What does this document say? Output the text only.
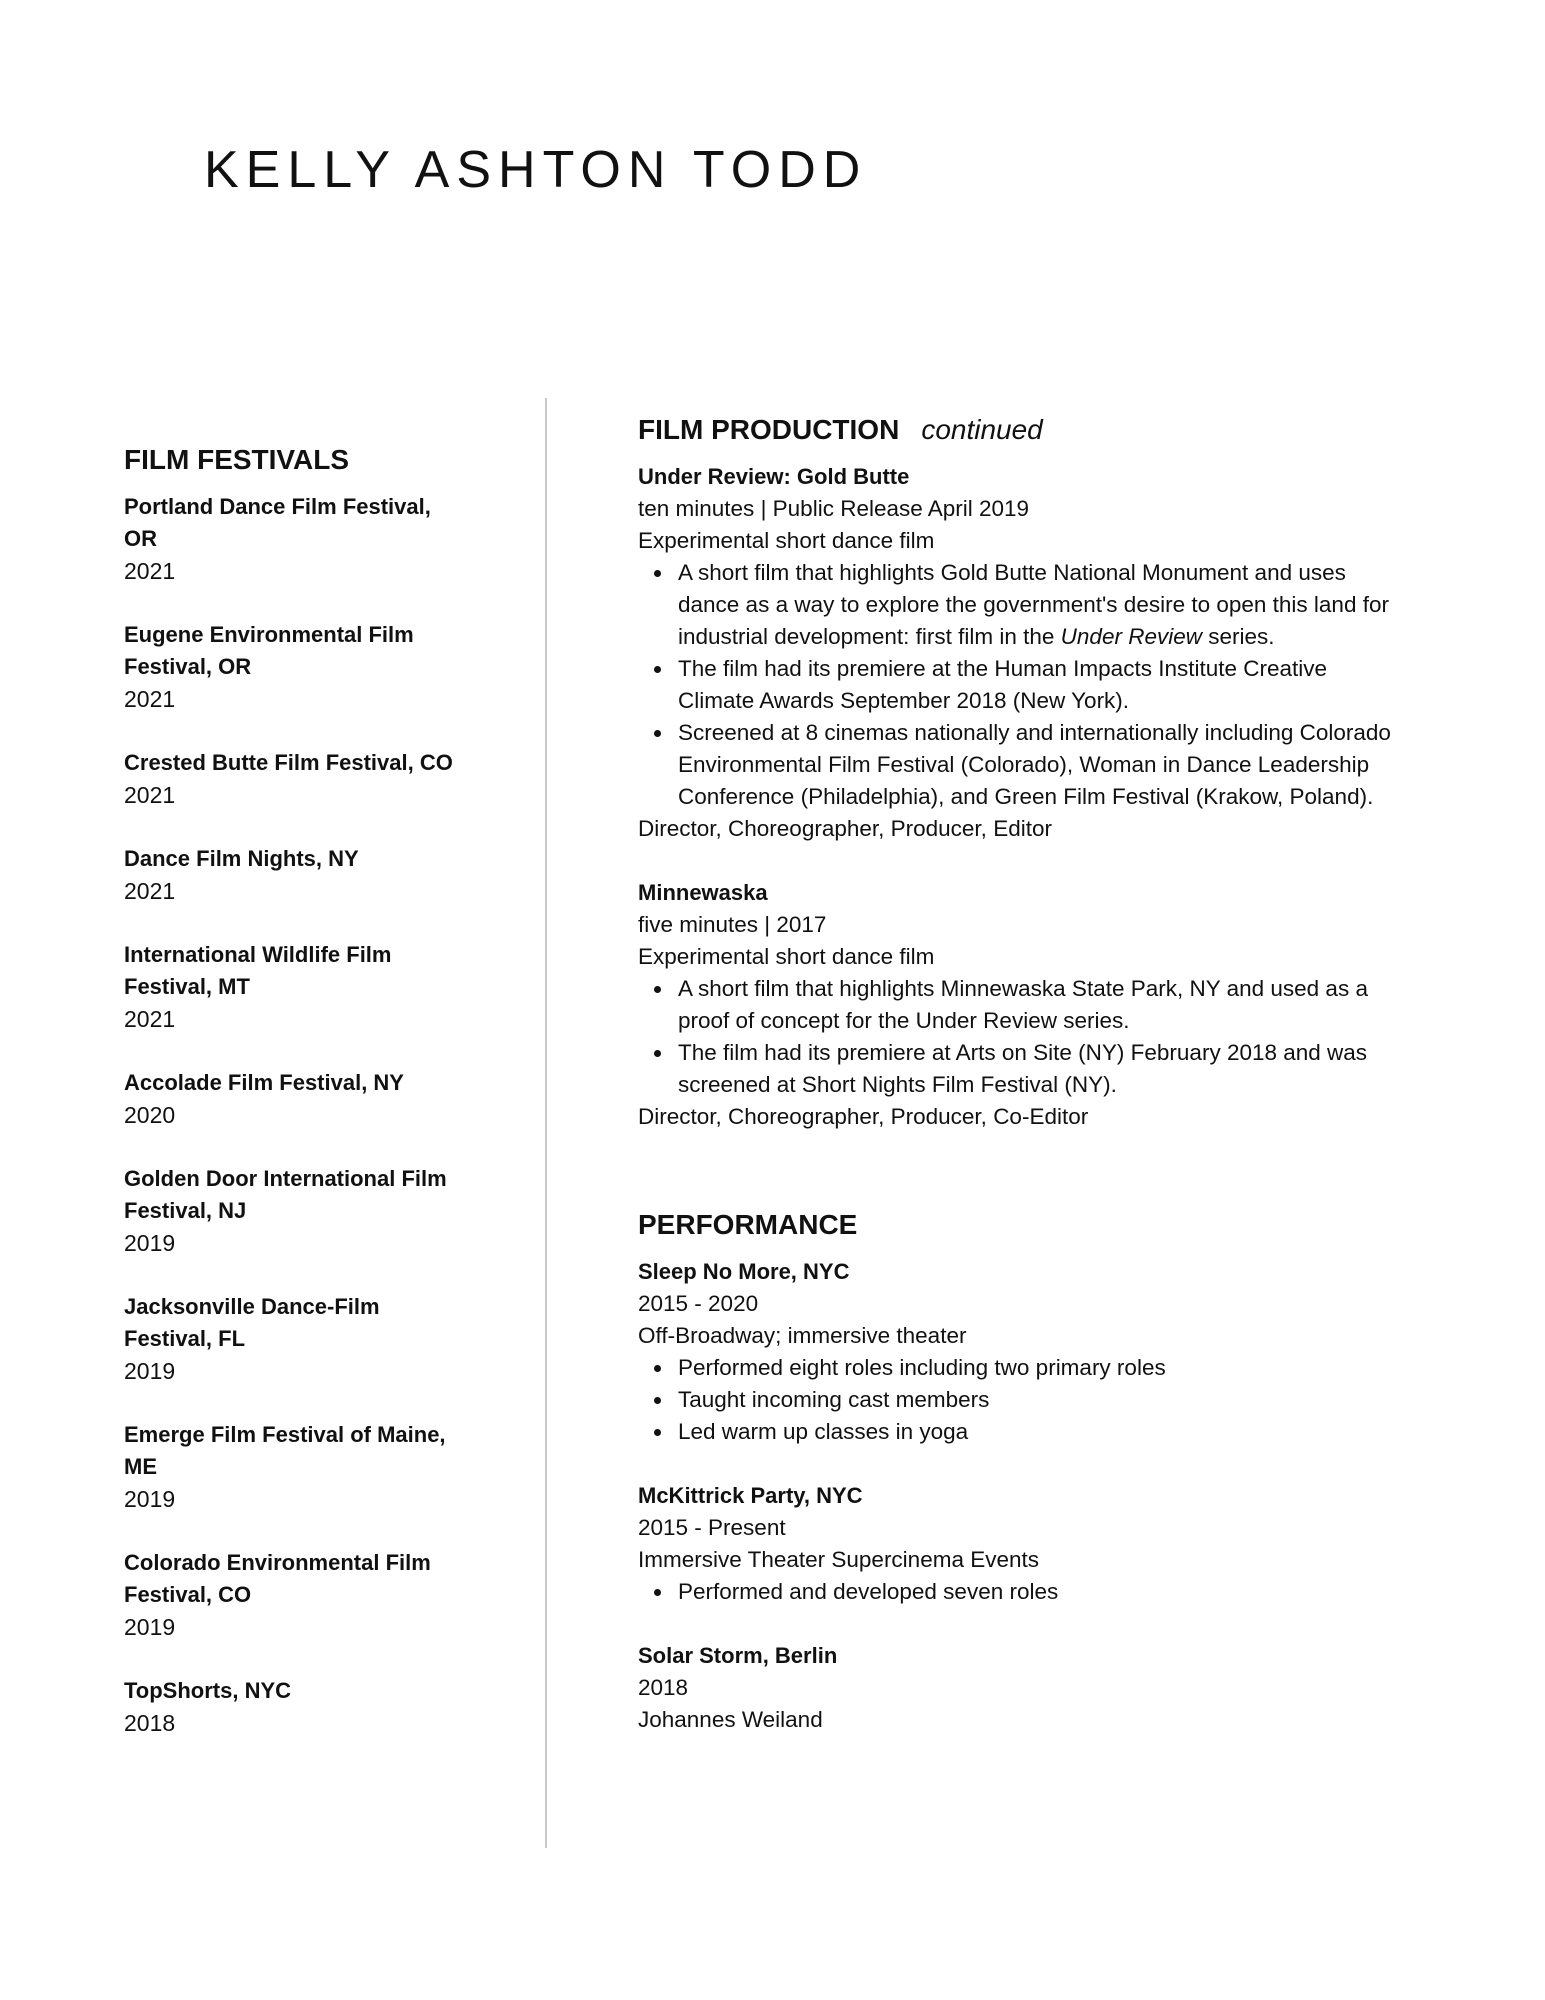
KELLY ASHTON TODD
FILM FESTIVALS
Portland Dance Film Festival, OR
2021
Eugene Environmental Film Festival, OR
2021
Crested Butte Film Festival, CO
2021
Dance Film Nights, NY
2021
International Wildlife Film Festival, MT
2021
Accolade Film Festival, NY
2020
Golden Door International Film Festival, NJ
2019
Jacksonville Dance-Film Festival, FL
2019
Emerge Film Festival of Maine, ME
2019
Colorado Environmental Film Festival, CO
2019
TopShorts, NYC
2018
FILM PRODUCTION continued
Under Review: Gold Butte
ten minutes | Public Release April 2019
Experimental short dance film
A short film that highlights Gold Butte National Monument and uses dance as a way to explore the government's desire to open this land for industrial development: first film in the Under Review series.
The film had its premiere at the Human Impacts Institute Creative Climate Awards September 2018 (New York).
Screened at 8 cinemas nationally and internationally including Colorado Environmental Film Festival (Colorado), Woman in Dance Leadership Conference (Philadelphia), and Green Film Festival (Krakow, Poland).
Director, Choreographer, Producer, Editor
Minnewaska
five minutes | 2017
Experimental short dance film
A short film that highlights Minnewaska State Park, NY and used as a proof of concept for the Under Review series.
The film had its premiere at Arts on Site (NY) February 2018 and was screened at Short Nights Film Festival (NY).
Director, Choreographer, Producer, Co-Editor
PERFORMANCE
Sleep No More, NYC
2015 - 2020
Off-Broadway; immersive theater
Performed eight roles including two primary roles
Taught incoming cast members
Led warm up classes in yoga
McKittrick Party, NYC
2015 - Present
Immersive Theater Supercinema Events
Performed and developed seven roles
Solar Storm, Berlin
2018
Johannes Weiland
